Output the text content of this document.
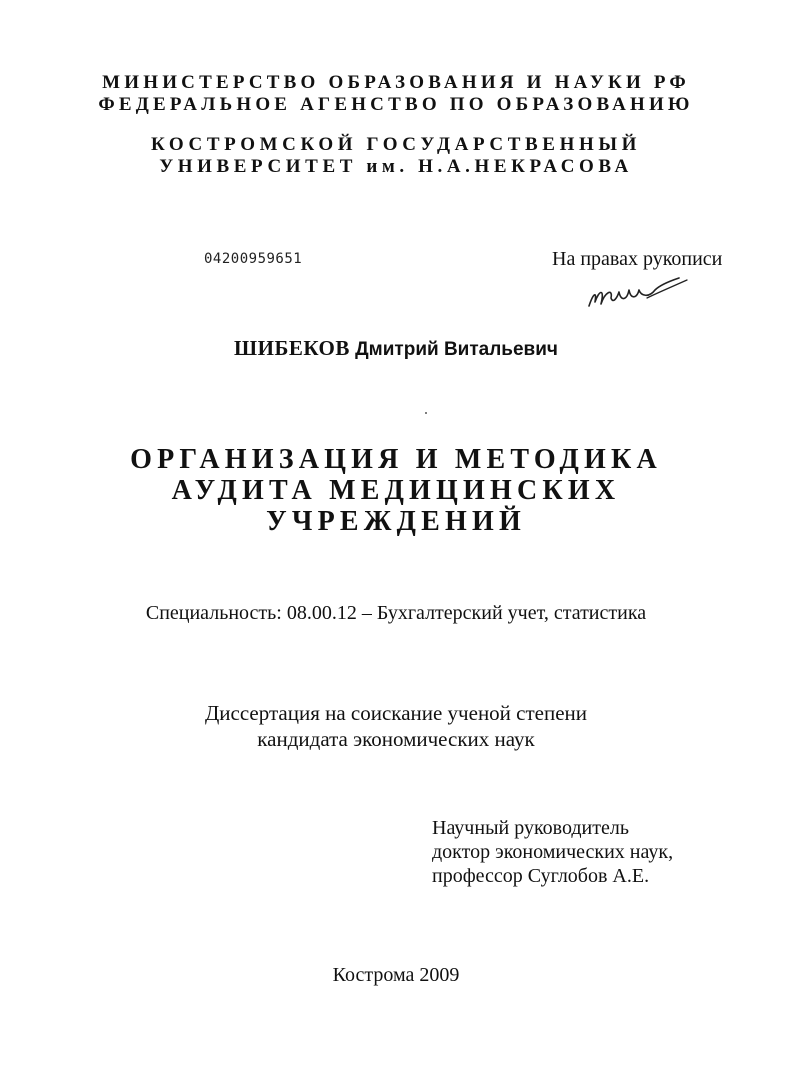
МИНИСТЕРСТВО ОБРАЗОВАНИЯ И НАУКИ РФ
ФЕДЕРАЛЬНОЕ АГЕНСТВО ПО ОБРАЗОВАНИЮ
КОСТРОМСКОЙ ГОСУДАРСТВЕННЫЙ
УНИВЕРСИТЕТ им. Н.А.НЕКРАСОВА
04200959651	На правах рукописи
ШИБЕКОВ Дмитрий Витальевич
ОРГАНИЗАЦИЯ И МЕТОДИКА
АУДИТА МЕДИЦИНСКИХ
УЧРЕЖДЕНИЙ
Специальность: 08.00.12 – Бухгалтерский учет, статистика
Диссертация на соискание ученой степени
кандидата экономических наук
Научный руководитель
доктор экономических наук,
профессор Суглобов А.Е.
Кострома 2009
